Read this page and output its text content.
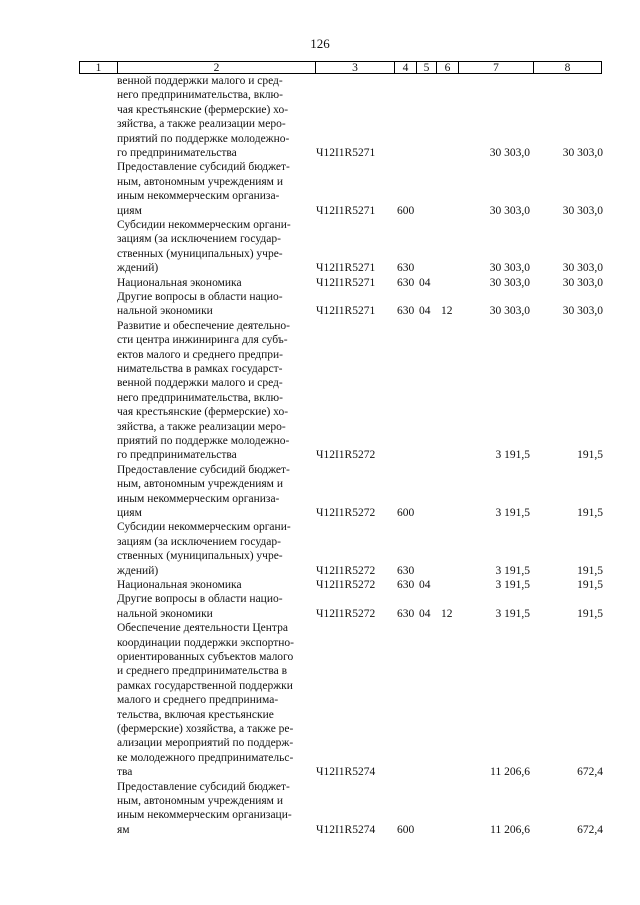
126
1	2	3	4	5	6	7	8
венной поддержки малого и сред-
него предпринимательства, вклю-
чая крестьянские (фермерские) хо-
зяйства, а также реализации меро-
приятий по поддержке молодежно-
го предпринимательства	Ч12I1R5271	30 303,0	30 303,0
Предоставление субсидий бюджет-
ным, автономным учреждениям и
иным некоммерческим организа-
циям	Ч12I1R5271 600	30 303,0	30 303,0
Субсидии некоммерческим органи-
зациям (за исключением государ-
ственных (муниципальных) учре-
ждений)	Ч12I1R5271 630	30 303,0	30 303,0
Национальная экономика	Ч12I1R5271 630 04	30 303,0	30 303,0
Другие вопросы в области нацио-
нальной экономики	Ч12I1R5271 630 04 12	30 303,0	30 303,0
Развитие и обеспечение деятельно-
сти центра инжиниринга для субъ-
ектов малого и среднего предпри-
нимательства в рамках государст-
венной поддержки малого и сред-
него предпринимательства, вклю-
чая крестьянские (фермерские) хо-
зяйства, а также реализации меро-
приятий по поддержке молодежно-
го предпринимательства	Ч12I1R5272	3 191,5	191,5
Предоставление субсидий бюджет-
ным, автономным учреждениям и
иным некоммерческим организа-
циям	Ч12I1R5272 600	3 191,5	191,5
Субсидии некоммерческим органи-
зациям (за исключением государ-
ственных (муниципальных) учре-
ждений)	Ч12I1R5272 630	3 191,5	191,5
Национальная экономика	Ч12I1R5272 630 04	3 191,5	191,5
Другие вопросы в области нацио-
нальной экономики	Ч12I1R5272 630 04 12	3 191,5	191,5
Обеспечение деятельности Центра
координации поддержки экспортно-
ориентированных субъектов малого
и среднего предпринимательства в
рамках государственной поддержки
малого и среднего предпринима-
тельства, включая крестьянские
(фермерские) хозяйства, а также ре-
ализации мероприятий по поддерж-
ке молодежного предпринимательс-
тва	Ч12I1R5274	11 206,6	672,4
Предоставление субсидий бюджет-
ным, автономным учреждениям и
иным некоммерческим организаци-
ям	Ч12I1R5274 600	11 206,6	672,4
